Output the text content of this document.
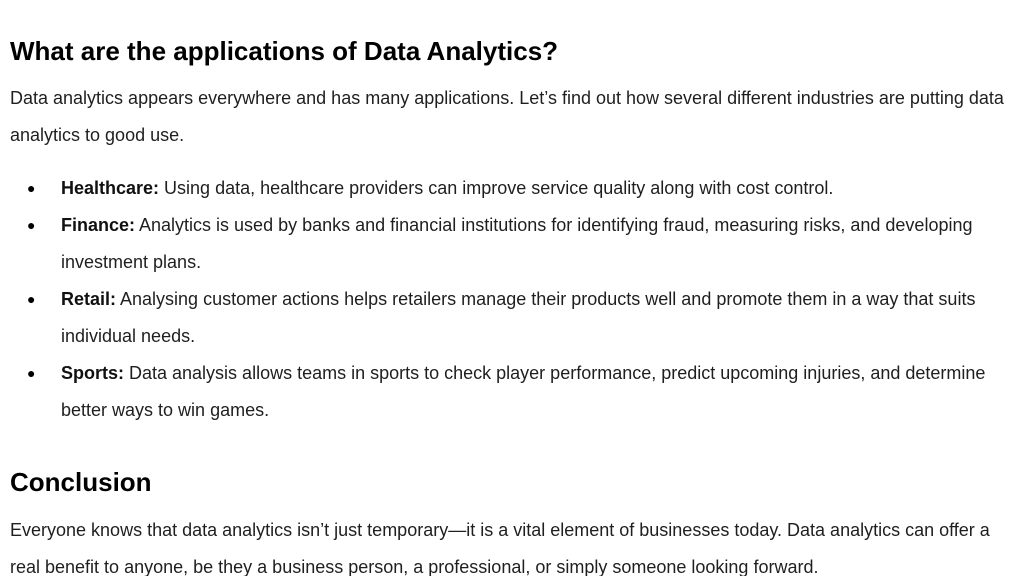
What are the applications of Data Analytics?

Data analytics appears everywhere and has many applications. Let’s find out how several different industries are putting data analytics to good use.

● Healthcare: Using data, healthcare providers can improve service quality along with cost control.
● Finance: Analytics is used by banks and financial institutions for identifying fraud, measuring risks, and developing investment plans.
● Retail: Analysing customer actions helps retailers manage their products well and promote them in a way that suits individual needs.
● Sports: Data analysis allows teams in sports to check player performance, predict upcoming injuries, and determine better ways to win games.
Conclusion

Everyone knows that data analytics isn’t just temporary—it is a vital element of businesses today. Data analytics can offer a real benefit to anyone, be they a business person, a professional, or simply someone looking forward.
